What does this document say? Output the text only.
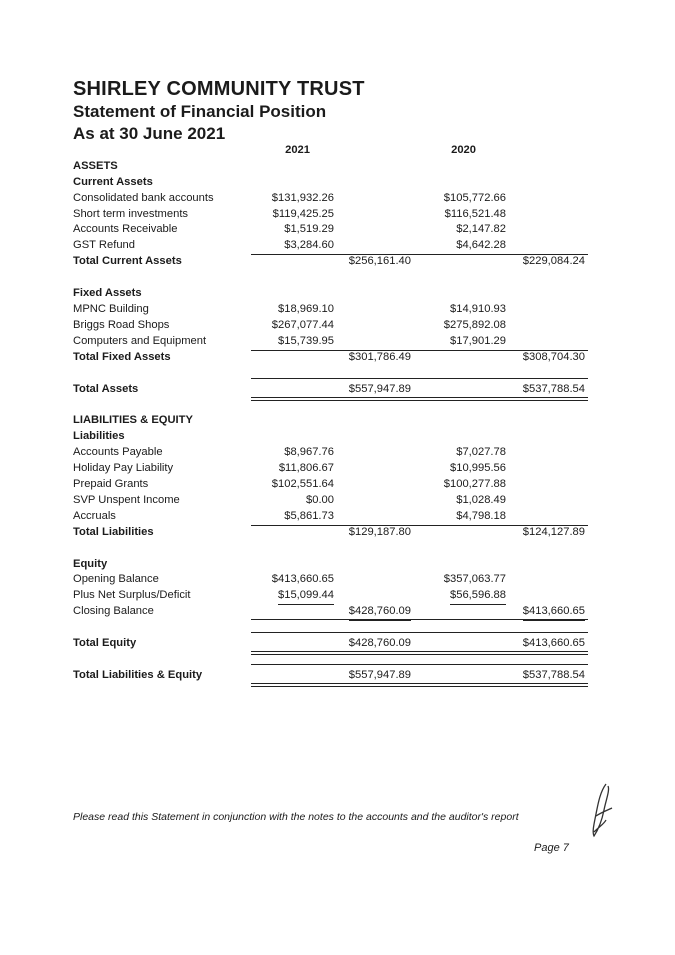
SHIRLEY COMMUNITY TRUST
Statement of Financial Position
As at 30 June 2021
2021	2020
ASSETS
Current Assets
Consolidated bank accounts	$131,932.26	$105,772.66
Short term investments	$119,425.25	$116,521.48
Accounts Receivable	$1,519.29	$2,147.82
GST Refund	$3,284.60	$4,642.28
Total Current Assets	$256,161.40	$229,084.24
Fixed Assets
MPNC Building	$18,969.10	$14,910.93
Briggs Road Shops	$267,077.44	$275,892.08
Computers and Equipment	$15,739.95	$17,901.29
Total Fixed Assets	$301,786.49	$308,704.30
Total Assets	$557,947.89	$537,788.54
LIABILITIES & EQUITY
Liabilities
Accounts Payable	$8,967.76	$7,027.78
Holiday Pay Liability	$11,806.67	$10,995.56
Prepaid Grants	$102,551.64	$100,277.88
SVP Unspent Income	$0.00	$1,028.49
Accruals	$5,861.73	$4,798.18
Total Liabilities	$129,187.80	$124,127.89
Equity
Opening Balance	$413,660.65	$357,063.77
Plus Net Surplus/Deficit	$15,099.44	$56,596.88
Closing Balance	$428,760.09	$413,660.65
Total Equity	$428,760.09	$413,660.65
Total Liabilities & Equity	$557,947.89	$537,788.54
Please read this Statement in conjunction with the notes to the accounts and the auditor's report
Page 7
